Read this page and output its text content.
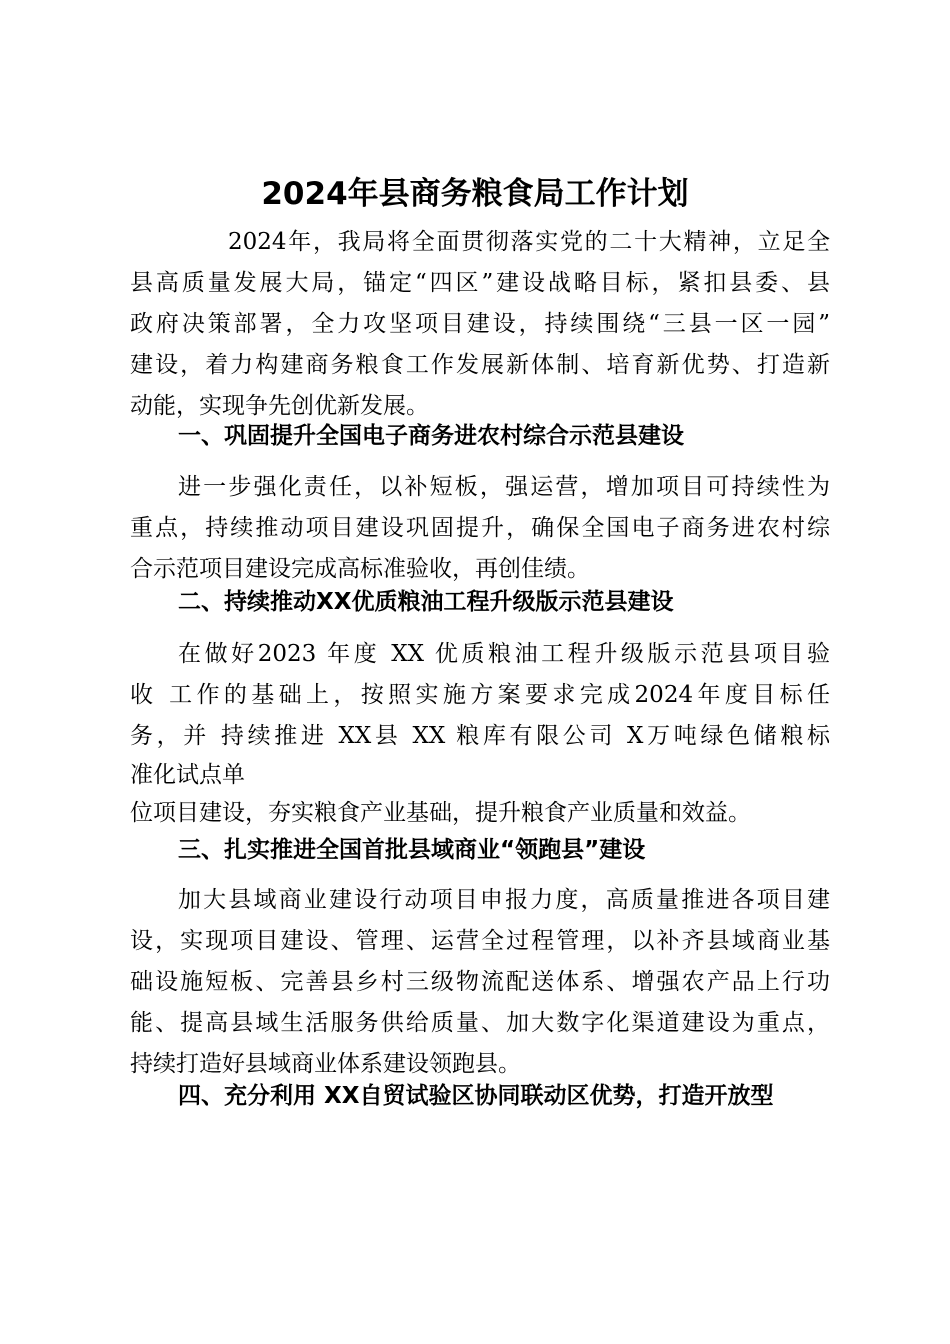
2024年县商务粮食局工作计划

2024年，我局将全面贯彻落实党的二十大精神，立足全
县高质量发展大局，锚定“四区”建设战略目标，紧扣县委、县
政府决策部署，全力攻坚项目建设，持续围绕“三县一区一园”
建设，着力构建商务粮食工作发展新体制、培育新优势、打造新
动能，实现争先创优新发展。

一、巩固提升全国电子商务进农村综合示范县建设

进一步强化责任，以补短板，强运营，增加项目可持续性为
重点，持续推动项目建设巩固提升，确保全国电子商务进农村综
合示范项目建设完成高标准验收，再创佳绩。

二、持续推动XX优质粮油工程升级版示范县建设

在做好2023 年度 XX 优质粮油工程升级版示范县项目验
收 工作的基础上，按照实施方案要求完成2024年度目标任
务，并 持续推进 XX县 XX 粮库有限公司 X万吨绿色储粮标
准化试点单
位项目建设，夯实粮食产业基础，提升粮食产业质量和效益。

三、扎实推进全国首批县域商业“领跑县”建设

加大县域商业建设行动项目申报力度，高质量推进各项目建
设，实现项目建设、管理、运营全过程管理，以补齐县域商业基
础设施短板、完善县乡村三级物流配送体系、增强农产品上行功
能、提高县域生活服务供给质量、加大数字化渠道建设为重点，
持续打造好县域商业体系建设领跑县。

四、充分利用 XX自贸试验区协同联动区优势，打造开放型
